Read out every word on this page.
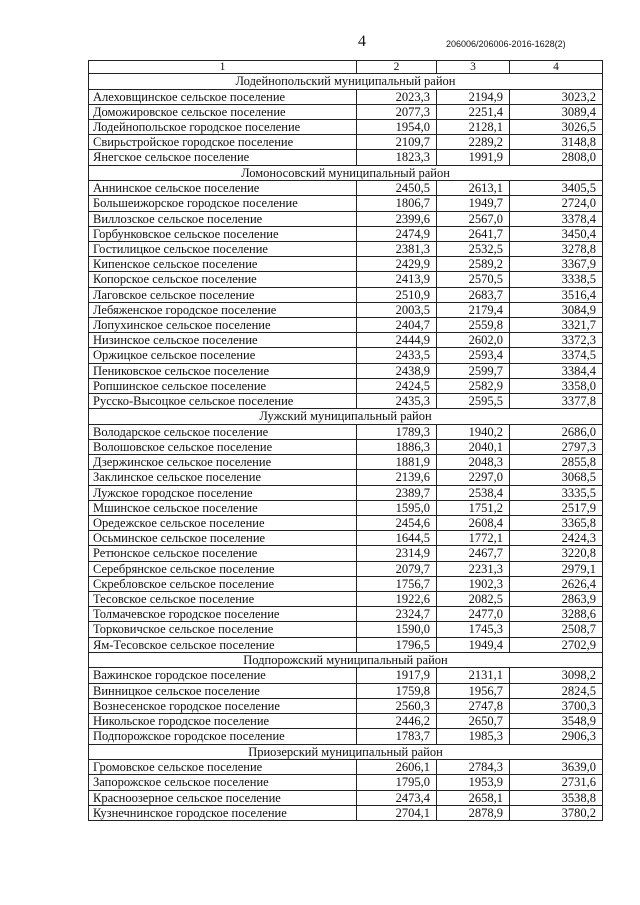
4	206006/206006-2016-1628(2)
1	2	3	4
Лодейнопольский муниципальный район			
Алеховщинское сельское поселение	2023,3	2194,9	3023,2
Доможировское сельское поселение	2077,3	2251,4	3089,4
Лодейнопольское городское поселение	1954,0	2128,1	3026,5
Свирьстройское городское поселение	2109,7	2289,2	3148,8
Янегское сельское поселение	1823,3	1991,9	2808,0
Ломоносовский муниципальный район			
Аннинское сельское поселение	2450,5	2613,1	3405,5
Большеижорское городское поселение	1806,7	1949,7	2724,0
Виллозское сельское поселение	2399,6	2567,0	3378,4
Горбунковское сельское поселение	2474,9	2641,7	3450,4
Гостилицкое сельское поселение	2381,3	2532,5	3278,8
Кипенское сельское поселение	2429,9	2589,2	3367,9
Копорское сельское поселение	2413,9	2570,5	3338,5
Лаговское сельское поселение	2510,9	2683,7	3516,4
Лебяженское городское поселение	2003,5	2179,4	3084,9
Лопухинское сельское поселение	2404,7	2559,8	3321,7
Низинское сельское поселение	2444,9	2602,0	3372,3
Оржицкое сельское поселение	2433,5	2593,4	3374,5
Пениковское сельское поселение	2438,9	2599,7	3384,4
Ропшинское сельское поселение	2424,5	2582,9	3358,0
Русско-Высоцкое сельское поселение	2435,3	2595,5	3377,8
Лужский муниципальный район			
Володарское сельское поселение	1789,3	1940,2	2686,0
Волошовское сельское поселение	1886,3	2040,1	2797,3
Дзержинское сельское поселение	1881,9	2048,3	2855,8
Заклинское сельское поселение	2139,6	2297,0	3068,5
Лужское городское поселение	2389,7	2538,4	3335,5
Мшинское сельское поселение	1595,0	1751,2	2517,9
Оредежское сельское поселение	2454,6	2608,4	3365,8
Осьминское сельское поселение	1644,5	1772,1	2424,3
Ретюнское сельское поселение	2314,9	2467,7	3220,8
Серебрянское сельское поселение	2079,7	2231,3	2979,1
Скребловское сельское поселение	1756,7	1902,3	2626,4
Тесовское сельское поселение	1922,6	2082,5	2863,9
Толмачевское городское поселение	2324,7	2477,0	3288,6
Торковичское сельское поселение	1590,0	1745,3	2508,7
Ям-Тесовское сельское поселение	1796,5	1949,4	2702,9
Подпорожский муниципальный район			
Важинское городское поселение	1917,9	2131,1	3098,2
Винницкое сельское поселение	1759,8	1956,7	2824,5
Вознесенское городское поселение	2560,3	2747,8	3700,3
Никольское городское поселение	2446,2	2650,7	3548,9
Подпорожское городское поселение	1783,7	1985,3	2906,3
Приозерский муниципальный район			
Громовское сельское поселение	2606,1	2784,3	3639,0
Запорожское сельское поселение	1795,0	1953,9	2731,6
Красноозерное сельское поселение	2473,4	2658,1	3538,8
Кузнечнинское городское поселение	2704,1	2878,9	3780,2
